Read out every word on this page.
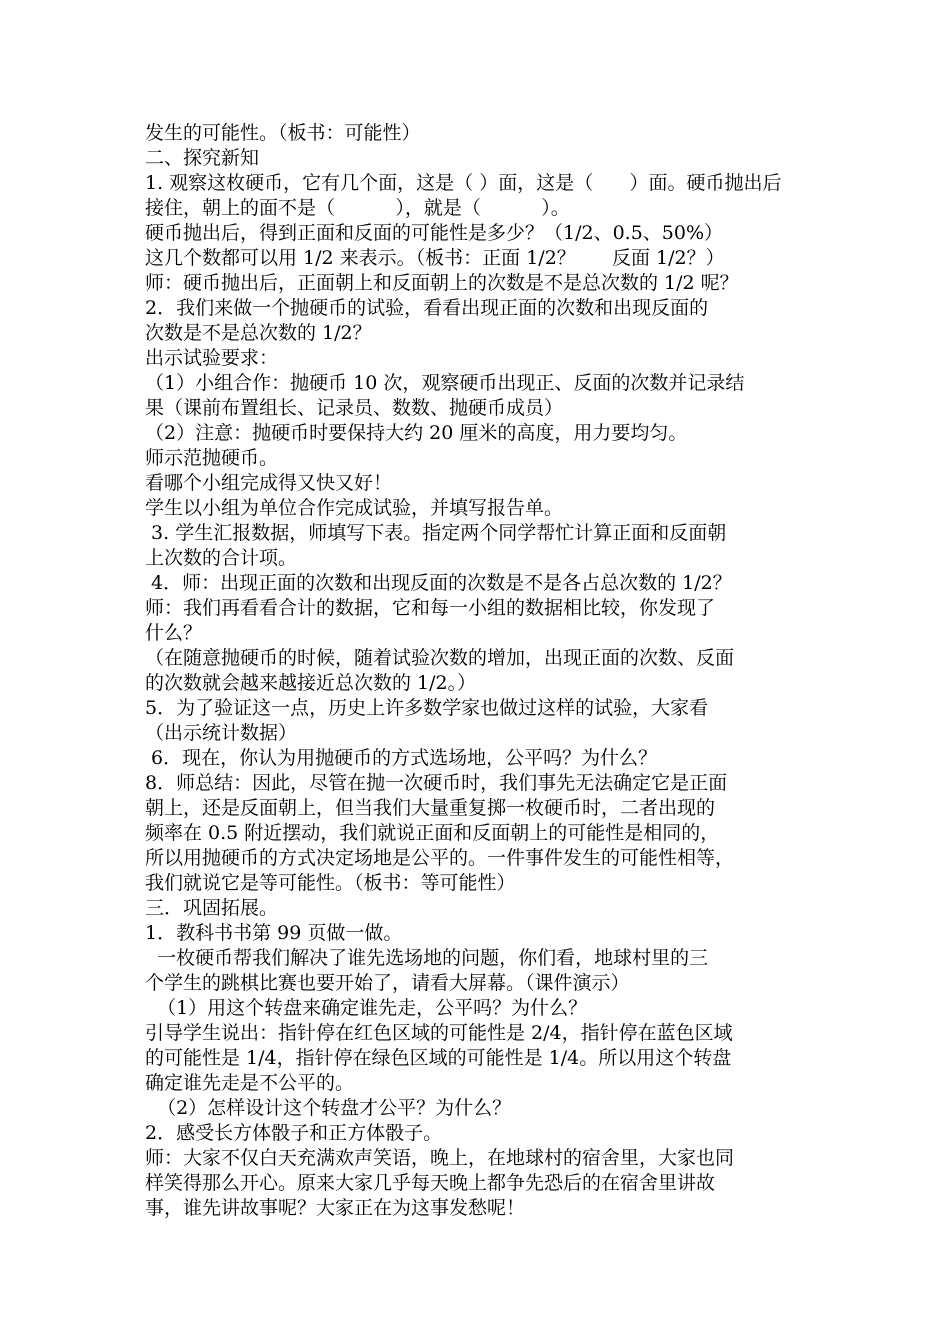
发生的可能性。（板书：可能性）
二、探究新知
1. 观察这枚硬币，它有几个面，这是（ ）面，这是（      ）面。硬币抛出后
接住，朝上的面不是（          ），就是（          ）。
硬币抛出后，得到正面和反面的可能性是多少？（1/2、0.5、50%）
这几个数都可以用 1/2 来表示。（板书：正面 1/2？      反面 1/2？）
师：硬币抛出后，正面朝上和反面朝上的次数是不是总次数的 1/2 呢？
2．我们来做一个抛硬币的试验，看看出现正面的次数和出现反面的
次数是不是总次数的 1/2？
出示试验要求：
（1）小组合作：抛硬币 10 次，观察硬币出现正、反面的次数并记录结
果（课前布置组长、记录员、数数、抛硬币成员）
（2）注意：抛硬币时要保持大约 20 厘米的高度，用力要均匀。
师示范抛硬币。
看哪个小组完成得又快又好！
学生以小组为单位合作完成试验，并填写报告单。
3. 学生汇报数据，师填写下表。指定两个同学帮忙计算正面和反面朝
上次数的合计项。
4．师：出现正面的次数和出现反面的次数是不是各占总次数的 1/2？
师：我们再看看合计的数据，它和每一小组的数据相比较，你发现了
什么？
（在随意抛硬币的时候，随着试验次数的增加，出现正面的次数、反面
的次数就会越来越接近总次数的 1/2。）
5．为了验证这一点，历史上许多数学家也做过这样的试验，大家看
（出示统计数据）
6．现在，你认为用抛硬币的方式选场地，公平吗？为什么？
8．师总结：因此，尽管在抛一次硬币时，我们事先无法确定它是正面
朝上，还是反面朝上，但当我们大量重复掷一枚硬币时，二者出现的
频率在 0.5 附近摆动，我们就说正面和反面朝上的可能性是相同的，
所以用抛硬币的方式决定场地是公平的。一件事件发生的可能性相等，
我们就说它是等可能性。（板书：等可能性）
三．巩固拓展。
1．教科书书第 99 页做一做。
一枚硬币帮我们解决了谁先选场地的问题，你们看，地球村里的三
个学生的跳棋比赛也要开始了，请看大屏幕。（课件演示）
（1）用这个转盘来确定谁先走，公平吗？为什么？
引导学生说出：指针停在红色区域的可能性是 2/4，指针停在蓝色区域
的可能性是 1/4，指针停在绿色区域的可能性是 1/4。所以用这个转盘
确定谁先走是不公平的。
（2）怎样设计这个转盘才公平？为什么？
2．感受长方体骰子和正方体骰子。
师：大家不仅白天充满欢声笑语，晚上，在地球村的宿舍里，大家也同
样笑得那么开心。原来大家几乎每天晚上都争先恐后的在宿舍里讲故
事，谁先讲故事呢？大家正在为这事发愁呢！
